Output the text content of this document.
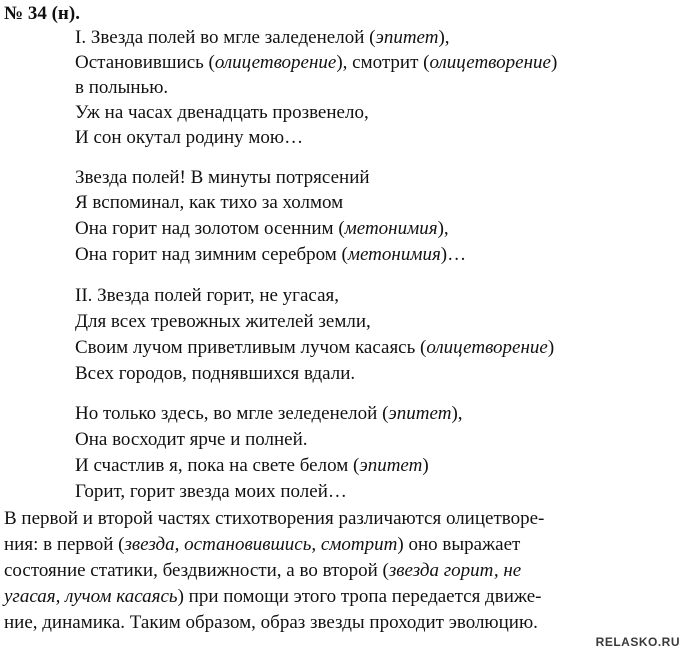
№ 34 (н).
I. Звезда полей во мгле заледенелой (эпитет),
Остановившись (олицетворение), смотрит (олицетворение)
в полынью.
Уж на часах двенадцать прозвенело,
И сон окутал родину мою…
Звезда полей! В минуты потрясений
Я вспоминал, как тихо за холмом
Она горит над золотом осенним (метонимия),
Она горит над зимним серебром (метонимия)…
II. Звезда полей горит, не угасая,
Для всех тревожных жителей земли,
Своим лучом приветливым лучом касаясь (олицетворение)
Всех городов, поднявшихся вдали.
Но только здесь, во мгле зеледенелой (эпитет),
Она восходит ярче и полней.
И счастлив я, пока на свете белом (эпитет)
Горит, горит звезда моих полей…
В первой и второй частях стихотворения различаются олицетворе-
ния: в первой (звезда, остановившись, смотрит) оно выражает
состояние статики, бездвижности, а во второй (звезда горит, не
угасая, лучом касаясь) при помощи этого тропа передается движе-
ние, динамика. Таким образом, образ звезды проходит эволюцию.
RELASKO.RU
